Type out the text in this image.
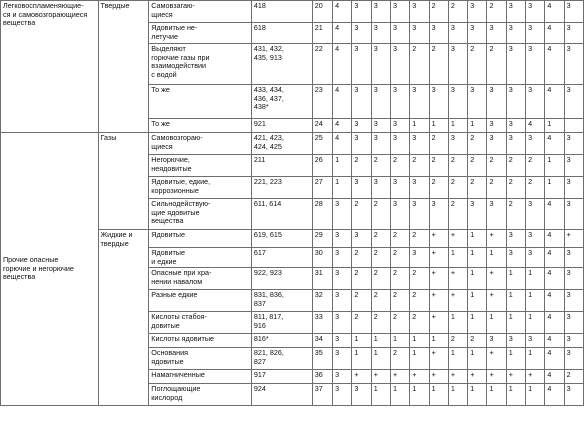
Легковоспламеняющие-
ся и самовозгорающиеся
вещества	Твердые	Самовзагаю-
щиеся	418	20	4	3	3	3	3	2	2	3	2	3	3	4	3
		Ядовитые не-
летучие	618	21	4	3	3	3	3	3	3	3	3	3	3	4	3
		Выделяют
горючие газы при
взаимодействии
с водой	431, 432,
435, 913	22	4	3	3	3	2	2	3	2	2	3	3	4	3
		То же	433, 434,
436, 437,
438*	23	4	3	3	3	3	3	3	3	3	3	3	4	3
		То же	921	24	4	3	3	3	1	1	1	1	3	3	4	1	
Прочие опасные
горючие и негорючие
вещества	Газы	Самовозгораю-
щиеся	421, 423,
424, 425	25	4	3	3	3	3	2	3	2	3	3	3	4	3
		Негорючие,
неядовитые	211	26	1	2	2	2	2	2	2	2	2	2	2	1	3
		Ядовитые, едкие,
коррозионные	221, 223	27	1	3	3	3	3	2	2	2	2	2	2	1	3
		Сильнодействую-
щие ядовитые
вещества	611, 614	28	3	2	2	3	3	3	2	3	3	2	3	4	3
	Жидкие и
твердые	Ядовитые	619, 615	29	3	3	2	2	2	+	+	1	+	3	3	4	+
		Ядовитые
и едкие	617	30	3	2	2	2	3	+	1	1	1	3	3	4	3
		Опасные при хра-
нении навалом	922, 923	31	3	2	2	2	2	+	+	1	+	1	1	4	3
		Разные едкие	831, 836,
837	32	3	2	2	2	2	+	+	1	+	1	1	4	3
		Кислоты стабоя-
довитые	811, 817,
916	33	3	2	2	2	2	+	1	1	1	1	1	4	3
		Кислоты ядовитые	816*	34	3	1	1	1	1	1	2	2	3	3	3	4	3
		Основания
ядовитые	821, 826,
827	35	3	1	1	2	1	+	1	1	+	1	1	4	3
		Намагниченные	917	36	3	+	+	+	+	+	+	+	+	+	+	4	2
		Поглощающие
кислород	924	37	3	3	1	1	1	1	1	1	1	1	1	4	3
